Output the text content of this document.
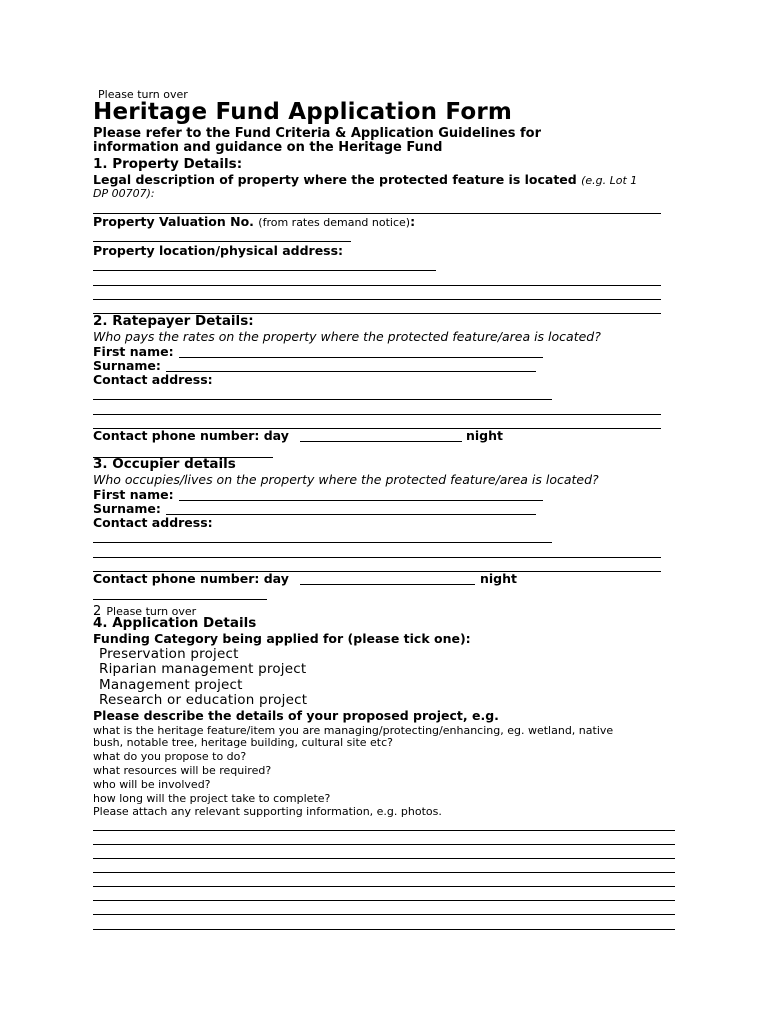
Please turn over
Heritage Fund Application Form
Please refer to the Fund Criteria & Application Guidelines for information and guidance on the Heritage Fund
1. Property Details:
Legal description of property where the protected feature is located (e.g. Lot 1
DP 00707):
Property Valuation No. (from rates demand notice):
Property location/physical address:
2. Ratepayer Details:
Who pays the rates on the property where the protected feature/area is located?
First name:
Surname:
Contact address:
Contact phone number: day	night
3. Occupier details
Who occupies/lives on the property where the protected feature/area is located?
First name:
Surname:
Contact address:
Contact phone number: day	night
2 Please turn over
4. Application Details
Funding Category being applied for (please tick one):
Preservation project
Riparian management project
Management project
Research or education project
Please describe the details of your proposed project, e.g.
what is the heritage feature/item you are managing/protecting/enhancing, eg. wetland, native
bush, notable tree, heritage building, cultural site etc?
what do you propose to do?
what resources will be required?
who will be involved?
how long will the project take to complete?
Please attach any relevant supporting information, e.g. photos.
